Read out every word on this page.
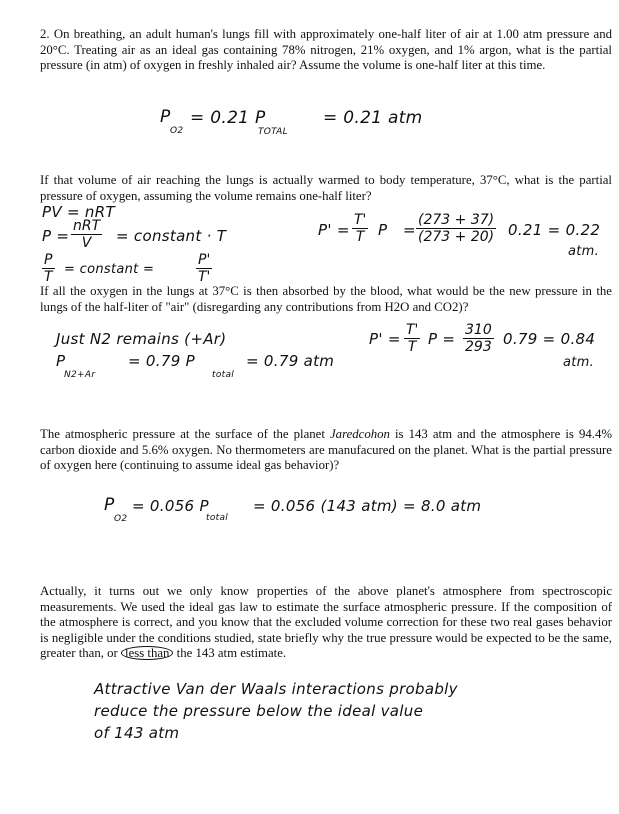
2. On breathing, an adult human's lungs fill with approximately one-half liter of air at 1.00 atm pressure and 20°C. Treating air as an ideal gas containing 78% nitrogen, 21% oxygen, and 1% argon, what is the partial pressure (in atm) of oxygen in freshly inhaled air? Assume the volume is one-half liter at this time.

P
O2
= 0.21 P
TOTAL
= 0.21 atm

If that volume of air reaching the lungs is actually warmed to body temperature, 37°C, what is the partial pressure of oxygen, assuming the volume remains one-half liter?

PV = nRT
P =
nRT
V	= constant · T
$\frac{P}{T}$ = constant =	$\frac{P'}{T'}$
$P' = \frac{T'}{T}$ $P = \frac{(273 + 37)}{(273 + 20)} 0.21 = 0.22$
atm.

If all the oxygen in the lungs at 37°C is then absorbed by the blood, what would be the new pressure in the lungs of the half-liter of "air" (disregarding any contributions from H2O and CO2)?

Just N2 remains (+Ar)
P
N2+Ar
= 0.79 P
total
= 0.79 atm
$P' = \frac{T'}{T}$ $P = \frac{310}{293} 0.79 = 0.84$
atm.

The atmospheric pressure at the surface of the planet Jaredcohon is 143 atm and the atmosphere is 94.4% carbon dioxide and 5.6% oxygen. No thermometers are manufacured on the planet. What is the partial pressure of oxygen here (continuing to assume ideal gas behavior)?

P
O2
= 0.056 P
total
= 0.056 (143 atm) = 8.0 atm

Actually, it turns out we only know properties of the above planet's atmosphere from spectroscopic measurements. We used the ideal gas law to estimate the surface atmospheric pressure. If the composition of the atmosphere is correct, and you know that the excluded volume correction for these two real gases behavior is negligible under the conditions studied, state briefly why the true pressure would be expected to be the same, greater than, or less than the 143 atm estimate.

Attractive Van der Waals interactions probably
reduce the pressure below the ideal value
of 143 atm
